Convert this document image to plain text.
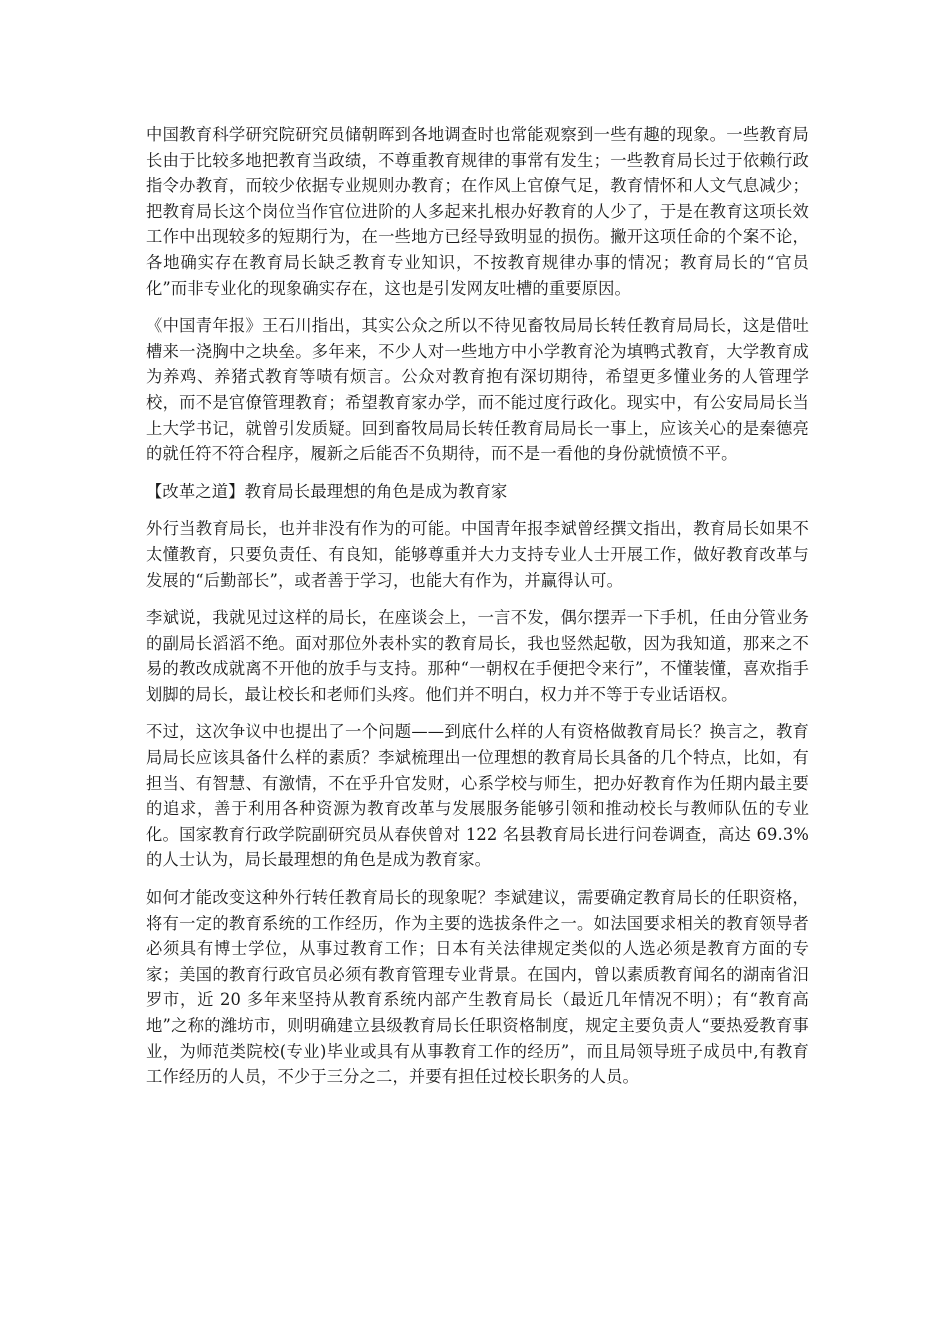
中国教育科学研究院研究员储朝晖到各地调查时也常能观察到一些有趣的现象。一些教育局长由于比较多地把教育当政绩，不尊重教育规律的事常有发生；一些教育局长过于依赖行政指令办教育，而较少依据专业规则办教育；在作风上官僚气足，教育情怀和人文气息减少；把教育局长这个岗位当作官位进阶的人多起来扎根办好教育的人少了，于是在教育这项长效工作中出现较多的短期行为，在一些地方已经导致明显的损伤。撇开这项任命的个案不论，各地确实存在教育局长缺乏教育专业知识，不按教育规律办事的情况；教育局长的“官员化”而非专业化的现象确实存在，这也是引发网友吐槽的重要原因。

《中国青年报》王石川指出，其实公众之所以不待见畜牧局局长转任教育局局长，这是借吐槽来一浇胸中之块垒。多年来，不少人对一些地方中小学教育沦为填鸭式教育，大学教育成为养鸡、养猪式教育等啧有烦言。公众对教育抱有深切期待，希望更多懂业务的人管理学校，而不是官僚管理教育；希望教育家办学，而不能过度行政化。现实中，有公安局局长当上大学书记，就曾引发质疑。回到畜牧局局长转任教育局局长一事上，应该关心的是秦德亮的就任符不符合程序，履新之后能否不负期待，而不是一看他的身份就愤愤不平。

【改革之道】教育局长最理想的角色是成为教育家

外行当教育局长，也并非没有作为的可能。中国青年报李斌曾经撰文指出，教育局长如果不太懂教育，只要负责任、有良知，能够尊重并大力支持专业人士开展工作，做好教育改革与发展的“后勤部长”，或者善于学习，也能大有作为，并赢得认可。

李斌说，我就见过这样的局长，在座谈会上，一言不发，偶尔摆弄一下手机，任由分管业务的副局长滔滔不绝。面对那位外表朴实的教育局长，我也竖然起敬，因为我知道，那来之不易的教改成就离不开他的放手与支持。那种“一朝权在手便把令来行”，不懂装懂，喜欢指手划脚的局长，最让校长和老师们头疼。他们并不明白，权力并不等于专业话语权。

不过，这次争议中也提出了一个问题——到底什么样的人有资格做教育局长？换言之，教育局局长应该具备什么样的素质？李斌梳理出一位理想的教育局长具备的几个特点，比如，有担当、有智慧、有激情，不在乎升官发财，心系学校与师生，把办好教育作为任期内最主要的追求，善于利用各种资源为教育改革与发展服务能够引领和推动校长与教师队伍的专业化。国家教育行政学院副研究员从春侠曾对 122 名县教育局长进行问卷调查，高达 69.3%的人士认为，局长最理想的角色是成为教育家。

如何才能改变这种外行转任教育局长的现象呢？李斌建议，需要确定教育局长的任职资格，将有一定的教育系统的工作经历，作为主要的选拔条件之一。如法国要求相关的教育领导者必须具有博士学位，从事过教育工作；日本有关法律规定类似的人选必须是教育方面的专家；美国的教育行政官员必须有教育管理专业背景。在国内，曾以素质教育闻名的湖南省汨罗市，近 20 多年来坚持从教育系统内部产生教育局长（最近几年情况不明）；有“教育高地”之称的潍坊市，则明确建立县级教育局长任职资格制度，规定主要负责人“要热爱教育事业，为师范类院校(专业)毕业或具有从事教育工作的经历”，而且局领导班子成员中,有教育工作经历的人员，不少于三分之二，并要有担任过校长职务的人员。
